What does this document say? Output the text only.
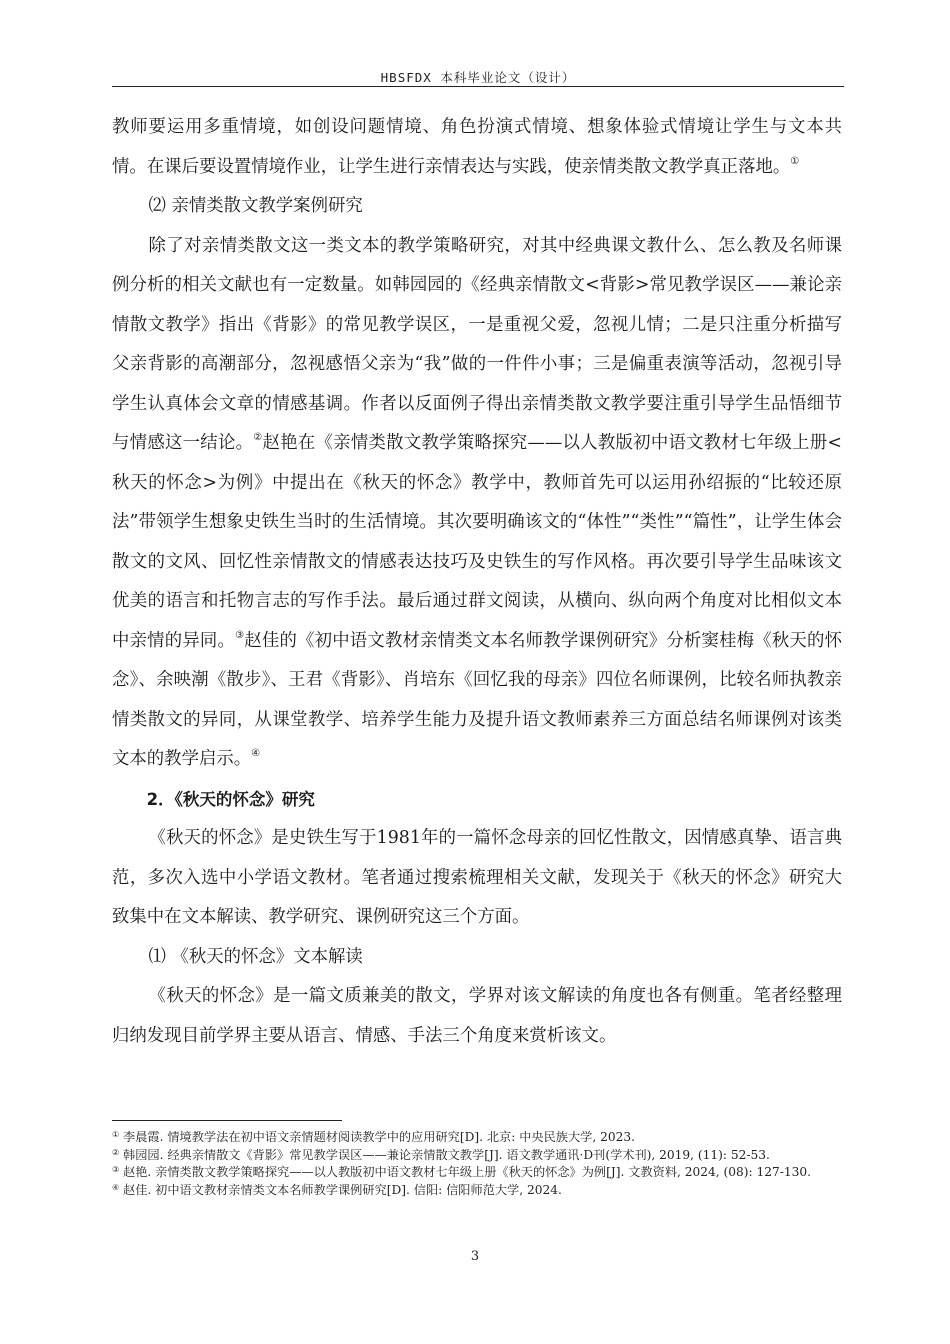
HBSFDX 本科毕业论文（设计）

教师要运用多重情境，如创设问题情境、角色扮演式情境、想象体验式情境让学生与文本共情。在课后要设置情境作业，让学生进行亲情表达与实践，使亲情类散文教学真正落地。①

⑵ 亲情类散文教学案例研究

除了对亲情类散文这一类文本的教学策略研究，对其中经典课文教什么、怎么教及名师课例分析的相关文献也有一定数量。如韩园园的《经典亲情散文<背影>常见教学误区——兼论亲情散文教学》指出《背影》的常见教学误区，一是重视父爱，忽视儿情；二是只注重分析描写父亲背影的高潮部分，忽视感悟父亲为“我”做的一件件小事；三是偏重表演等活动，忽视引导学生认真体会文章的情感基调。作者以反面例子得出亲情类散文教学要注重引导学生品悟细节与情感这一结论。②赵艳在《亲情类散文教学策略探究——以人教版初中语文教材七年级上册<秋天的怀念>为例》中提出在《秋天的怀念》教学中，教师首先可以运用孙绍振的“比较还原法”带领学生想象史铁生当时的生活情境。其次要明确该文的“体性”“类性”“篇性”，让学生体会散文的文风、回忆性亲情散文的情感表达技巧及史铁生的写作风格。再次要引导学生品味该文优美的语言和托物言志的写作手法。最后通过群文阅读，从横向、纵向两个角度对比相似文本中亲情的异同。③赵佳的《初中语文教材亲情类文本名师教学课例研究》分析窦桂梅《秋天的怀念》、余映潮《散步》、王君《背影》、肖培东《回忆我的母亲》四位名师课例，比较名师执教亲情类散文的异同，从课堂教学、培养学生能力及提升语文教师素养三方面总结名师课例对该类文本的教学启示。④

2．《秋天的怀念》研究

《秋天的怀念》是史铁生写于1981年的一篇怀念母亲的回忆性散文，因情感真挚、语言典范，多次入选中小学语文教材。笔者通过搜索梳理相关文献，发现关于《秋天的怀念》研究大致集中在文本解读、教学研究、课例研究这三个方面。

⑴ 《秋天的怀念》文本解读

《秋天的怀念》是一篇文质兼美的散文，学界对该文解读的角度也各有侧重。笔者经整理归纳发现目前学界主要从语言、情感、手法三个角度来赏析该文。

① 李晨霞. 情境教学法在初中语文亲情题材阅读教学中的应用研究[D]. 北京: 中央民族大学, 2023.

② 韩园园. 经典亲情散文《背影》常见教学误区——兼论亲情散文教学[J]. 语文教学通讯·D刊(学术刊), 2019, (11): 52-53.

③ 赵艳. 亲情类散文教学策略探究——以人教版初中语文教材七年级上册《秋天的怀念》为例[J]. 文教资料, 2024, (08): 127-130.

④ 赵佳. 初中语文教材亲情类文本名师教学课例研究[D]. 信阳: 信阳师范大学, 2024.

3
